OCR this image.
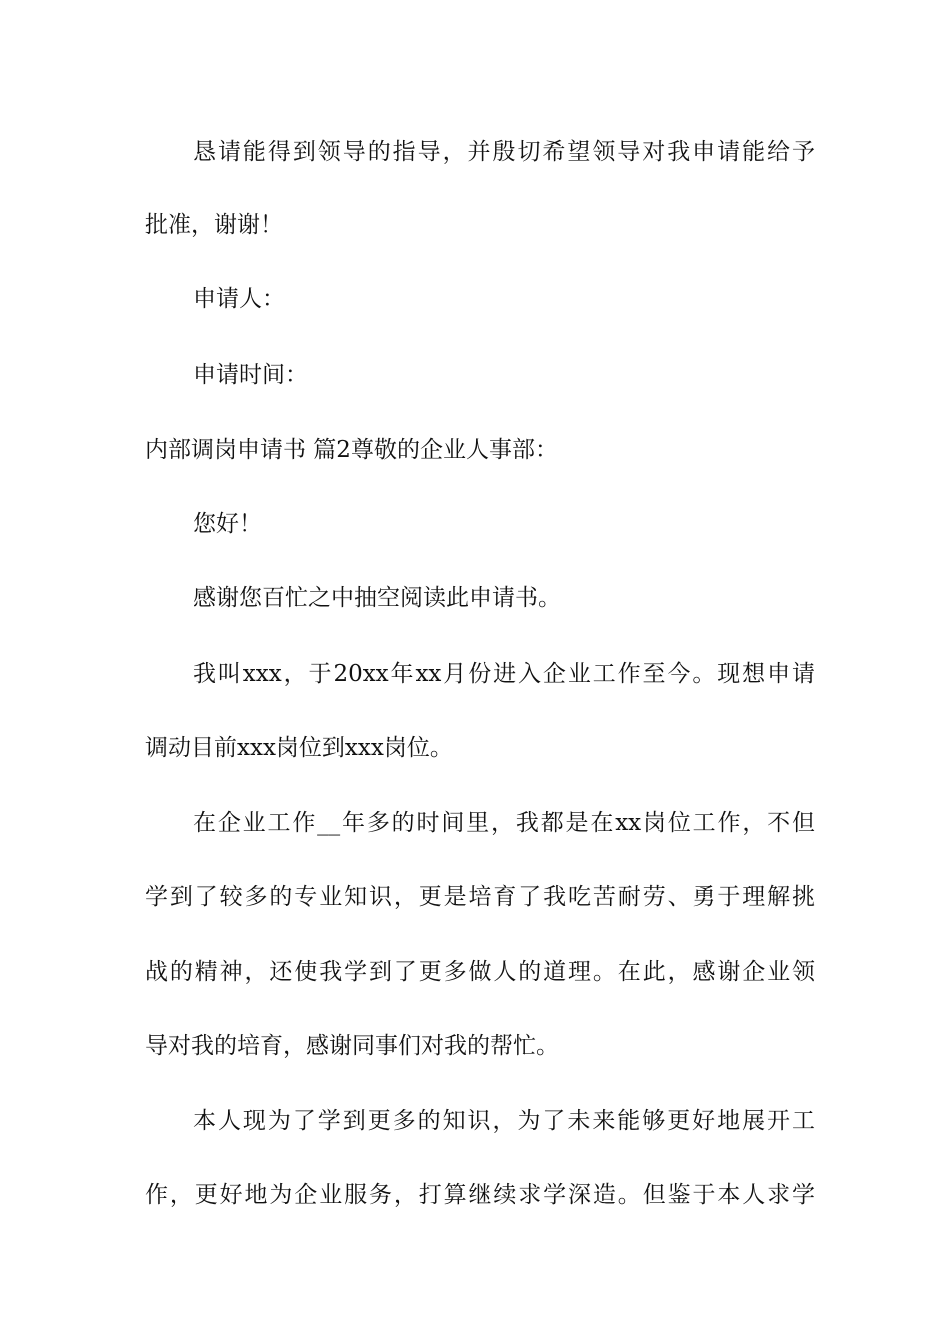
恳请能得到领导的指导，并殷切希望领导对我申请能给予
批准，谢谢！
申请人：
申请时间：
内部调岗申请书 篇2尊敬的企业人事部：
您好！
感谢您百忙之中抽空阅读此申请书。
我叫xxx，于20xx年xx月份进入企业工作至今。现想申请
调动目前xxx岗位到xxx岗位。
在企业工作__年多的时间里，我都是在xx岗位工作，不但
学到了较多的专业知识，更是培育了我吃苦耐劳、勇于理解挑
战的精神，还使我学到了更多做人的道理。在此，感谢企业领
导对我的培育，感谢同事们对我的帮忙。
本人现为了学到更多的知识，为了未来能够更好地展开工
作，更好地为企业服务，打算继续求学深造。但鉴于本人求学
